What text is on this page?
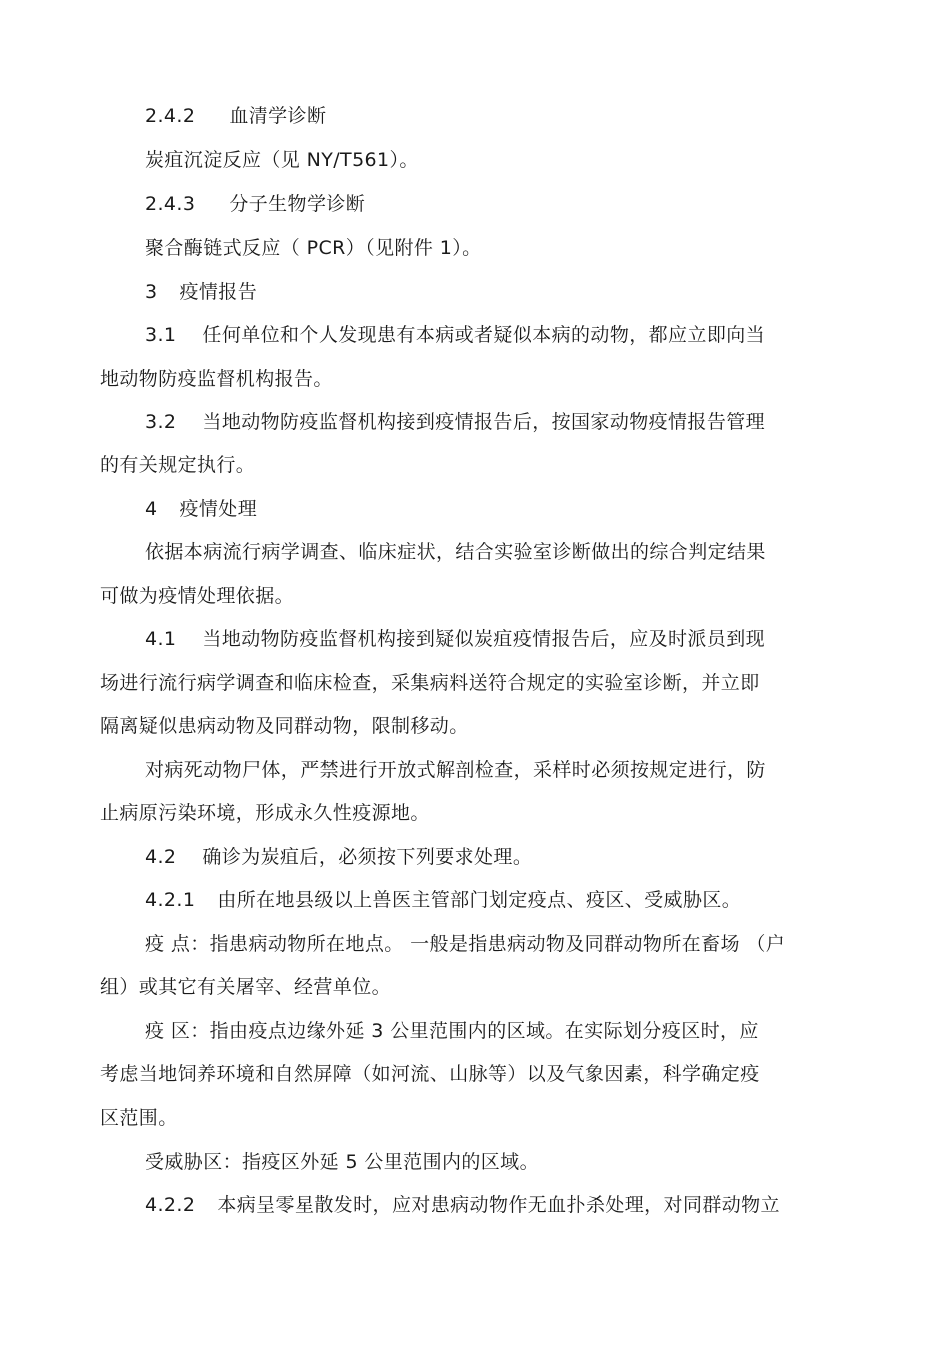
2.4.2 血清学诊断
炭疽沉淀反应（见 NY/T561）。
2.4.3 分子生物学诊断
聚合酶链式反应（ PCR）（见附件 1）。
3 疫情报告
3.1 任何单位和个人发现患有本病或者疑似本病的动物，都应立即向当
地动物防疫监督机构报告。
3.2 当地动物防疫监督机构接到疫情报告后，按国家动物疫情报告管理
的有关规定执行。
4 疫情处理
依据本病流行病学调查、临床症状，结合实验室诊断做出的综合判定结果
可做为疫情处理依据。
4.1 当地动物防疫监督机构接到疑似炭疽疫情报告后，应及时派员到现
场进行流行病学调查和临床检查，采集病料送符合规定的实验室诊断，并立即
隔离疑似患病动物及同群动物，限制移动。
对病死动物尸体，严禁进行开放式解剖检查，采样时必须按规定进行，防
止病原污染环境，形成永久性疫源地。
4.2 确诊为炭疽后，必须按下列要求处理。
4.2.1 由所在地县级以上兽医主管部门划定疫点、疫区、受威胁区。
疫 点：指患病动物所在地点。 一般是指患病动物及同群动物所在畜场 （户
组）或其它有关屠宰、经营单位。
疫 区：指由疫点边缘外延 3 公里范围内的区域。在实际划分疫区时，应
考虑当地饲养环境和自然屏障（如河流、山脉等）以及气象因素，科学确定疫
区范围。
受威胁区：指疫区外延 5 公里范围内的区域。
4.2.2 本病呈零星散发时，应对患病动物作无血扑杀处理，对同群动物立
